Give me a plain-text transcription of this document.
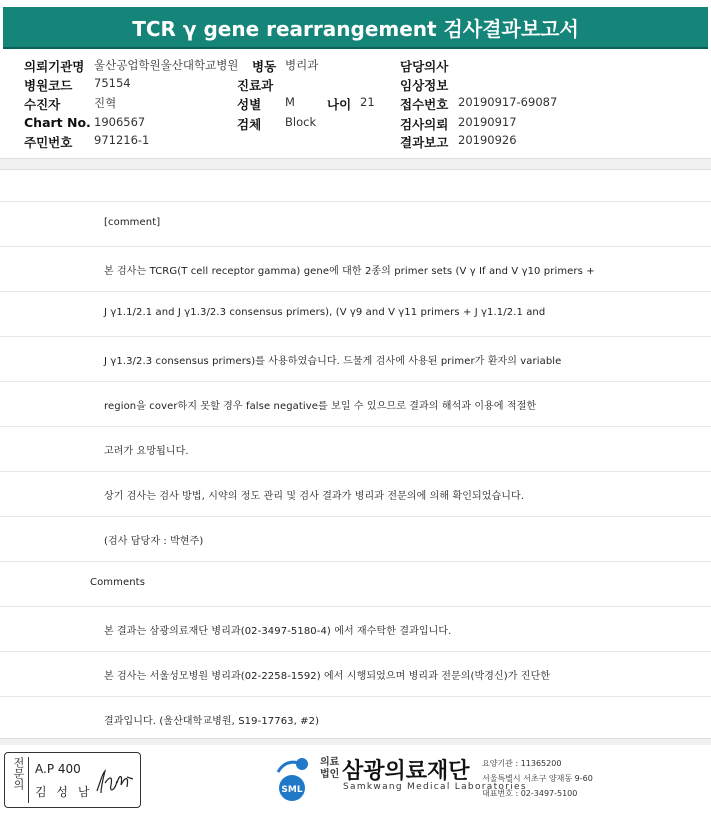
TCR γ gene rearrangement 검사결과보고서
의뢰기관명 울산공업학원울산대학교병원 병동 병리과	담당의사
병원코드 75154	진료과	임상정보
수진자	진혁	성별 M	나이 21 접수번호 20190917-69087
Chart No. 1906567	검체 Block	검사의뢰 20190917
주민번호 971216-1	결과보고 20190926
[comment]
본 검사는 TCRG(T cell receptor gamma) gene에 대한 2종의 primer sets (V γ If and V γ10 primers +
J γ1.1/2.1 and J γ1.3/2.3 consensus primers), (V γ9 and V γ11 primers + J γ1.1/2.1 and
J γ1.3/2.3 consensus primers)를 사용하였습니다. 드물게 검사에 사용된 primer가 환자의 variable
region을 cover하지 못할 경우 false negative를 보일 수 있으므로 결과의 해석과 이용에 적절한
고려가 요망됩니다.
상기 검사는 검사 방법, 시약의 정도 관리 및 검사 결과가 병리과 전문의에 의해 확인되었습니다.
(검사 담당자 : 박현주)
Comments
본 결과는 삼광의료재단 병리과(02-3497-5180-4) 에서 재수탁한 결과입니다.
본 검사는 서울성모병원 병리과(02-2258-1592) 에서 시행되었으며 병리과 전문의(박경신)가 진단한
결과입니다. (울산대학교병원, S19-17763, #2)
전문의 A.P 400
김 성 남	SML
의료
법인 삼광의료재단
Samkwang Medical Laboratories
요양기관 : 11365200
서울특별시 서초구 양재동 9-60
대표번호 : 02-3497-5100
